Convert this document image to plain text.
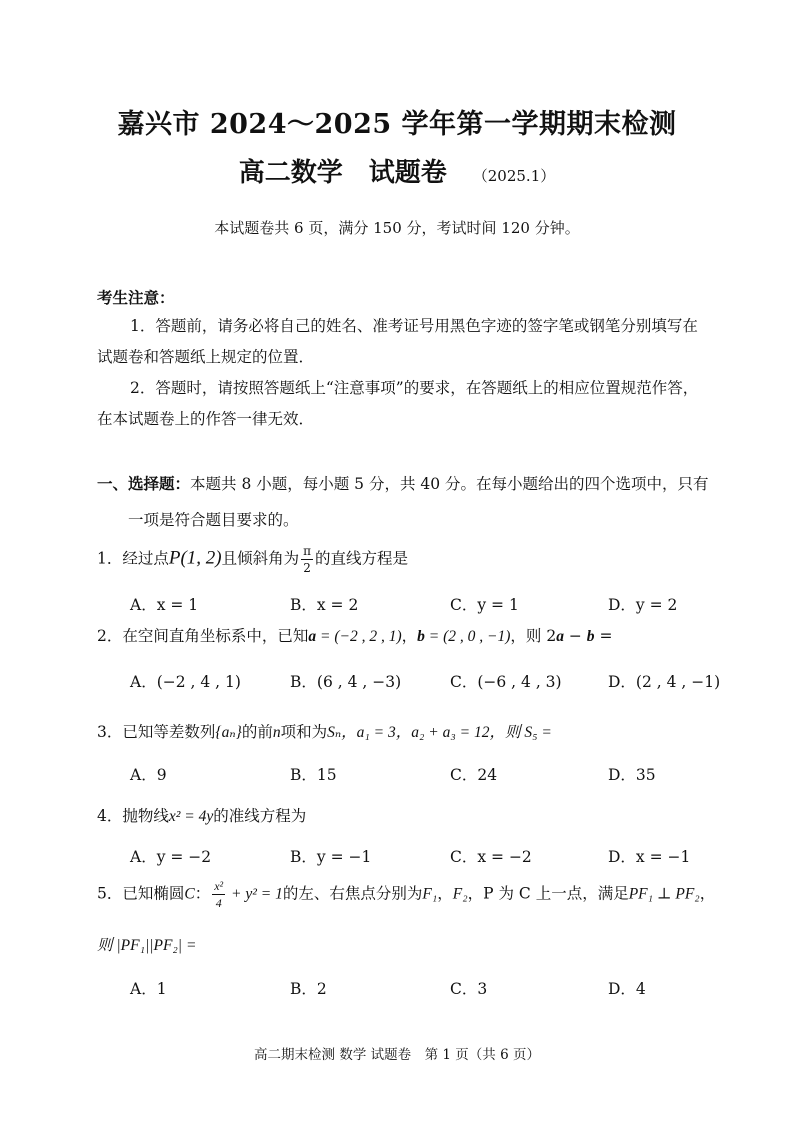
嘉兴市 2024～2025 学年第一学期期末检测
高二数学　试题卷 （2025.1）
本试题卷共 6 页，满分 150 分，考试时间 120 分钟。
考生注意：
1．答题前，请务必将自己的姓名、准考证号用黑色字迹的签字笔或钢笔分别填写在
试题卷和答题纸上规定的位置．
2．答题时，请按照答题纸上“注意事项”的要求，在答题纸上的相应位置规范作答，
在本试题卷上的作答一律无效．
一、选择题：本题共 8 小题，每小题 5 分，共 40 分。在每小题给出的四个选项中，只有
一项是符合题目要求的。
1．经过点P(1, 2)且倾斜角为 $\frac{\pi}{2}$ 的直线方程是
A．x = 1	B．x = 2	C．y = 1	D．y = 2
2．在空间直角坐标系中，已知a = (−2 , 2 , 1)，b = (2 , 0 , −1)，则 2a − b =
A．(−2 , 4 , 1)	B．(6 , 4 , −3)	C．(−6 , 4 , 3)	D．(2 , 4 , −1)
3．已知等差数列{aₙ}的前n项和为Sₙ，a₁ = 3，a₂ + a₃ = 12，则 S₅ =
A．9	B．15	C．24	D．35
4．抛物线x² = 4y的准线方程为
A．y = −2	B．y = −1	C．x = −2	D．x = −1
5．已知椭圆C： $\frac{\text{x²}}{4} + y^2 = 1$的左、右焦点分别为F₁，F₂，P 为 C 上一点，满足PF₁ ⊥ PF₂，
则 |PF₁||PF₂| =
A．1	B．2	C．3	D．4
高二期末检测 数学 试题卷　第 1 页（共 6 页）
